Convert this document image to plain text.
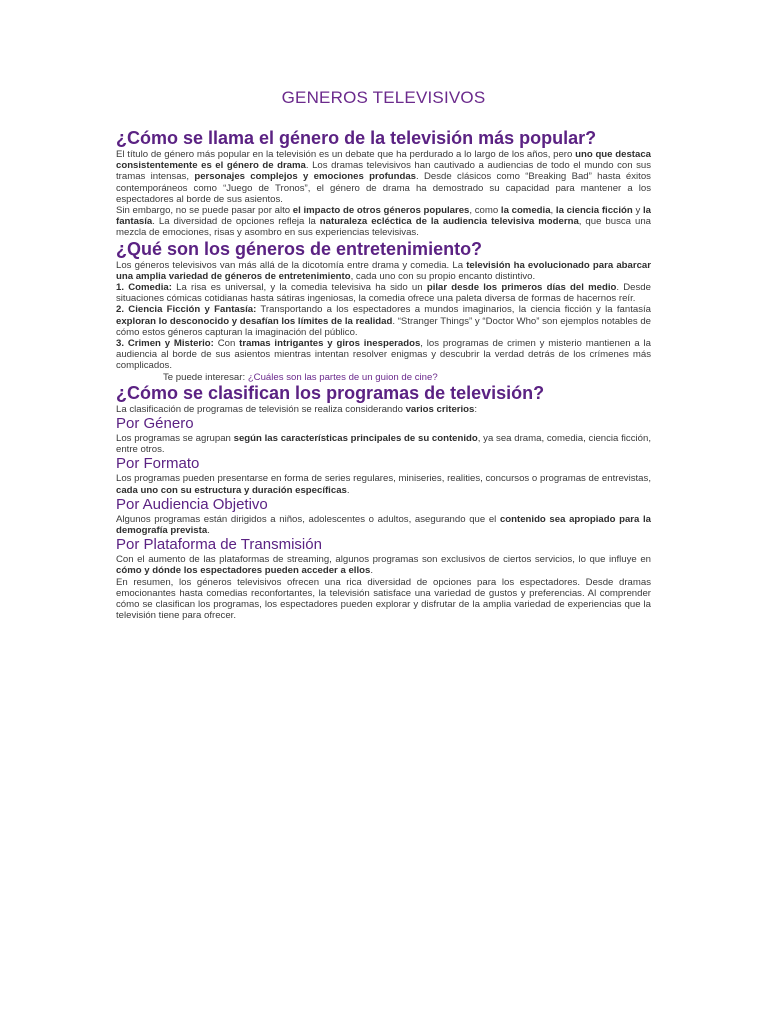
GENEROS TELEVISIVOS
¿Cómo se llama el género de la televisión más popular?

El título de género más popular en la televisión es un debate que ha perdurado a lo largo de los años, pero uno que destaca consistentemente es el género de drama. Los dramas televisivos han cautivado a audiencias de todo el mundo con sus tramas intensas, personajes complejos y emociones profundas. Desde clásicos como “Breaking Bad” hasta éxitos contemporáneos como “Juego de Tronos”, el género de drama ha demostrado su capacidad para mantener a los espectadores al borde de sus asientos.

Sin embargo, no se puede pasar por alto el impacto de otros géneros populares, como la comedia, la ciencia ficción y la fantasía. La diversidad de opciones refleja la naturaleza ecléctica de la audiencia televisiva moderna, que busca una mezcla de emociones, risas y asombro en sus experiencias televisivas.

¿Qué son los géneros de entretenimiento?

Los géneros televisivos van más allá de la dicotomía entre drama y comedia. La televisión ha evolucionado para abarcar una amplia variedad de géneros de entretenimiento, cada uno con su propio encanto distintivo.

1. Comedia: La risa es universal, y la comedia televisiva ha sido un pilar desde los primeros días del medio. Desde situaciones cómicas cotidianas hasta sátiras ingeniosas, la comedia ofrece una paleta diversa de formas de hacernos reír.

2. Ciencia Ficción y Fantasía: Transportando a los espectadores a mundos imaginarios, la ciencia ficción y la fantasía exploran lo desconocido y desafían los límites de la realidad. “Stranger Things” y “Doctor Who” son ejemplos notables de cómo estos géneros capturan la imaginación del público.

3. Crimen y Misterio: Con tramas intrigantes y giros inesperados, los programas de crimen y misterio mantienen a la audiencia al borde de sus asientos mientras intentan resolver enigmas y descubrir la verdad detrás de los crímenes más complicados.

Te puede interesar: ¿Cuáles son las partes de un guion de cine?

¿Cómo se clasifican los programas de televisión?

La clasificación de programas de televisión se realiza considerando varios criterios:

Por Género

Los programas se agrupan según las características principales de su contenido, ya sea drama, comedia, ciencia ficción, entre otros.

Por Formato

Los programas pueden presentarse en forma de series regulares, miniseries, realities, concursos o programas de entrevistas, cada uno con su estructura y duración específicas.

Por Audiencia Objetivo

Algunos programas están dirigidos a niños, adolescentes o adultos, asegurando que el contenido sea apropiado para la demografía prevista.

Por Plataforma de Transmisión

Con el aumento de las plataformas de streaming, algunos programas son exclusivos de ciertos servicios, lo que influye en cómo y dónde los espectadores pueden acceder a ellos.

En resumen, los géneros televisivos ofrecen una rica diversidad de opciones para los espectadores. Desde dramas emocionantes hasta comedias reconfortantes, la televisión satisface una variedad de gustos y preferencias. Al comprender cómo se clasifican los programas, los espectadores pueden explorar y disfrutar de la amplia variedad de experiencias que la televisión tiene para ofrecer.
